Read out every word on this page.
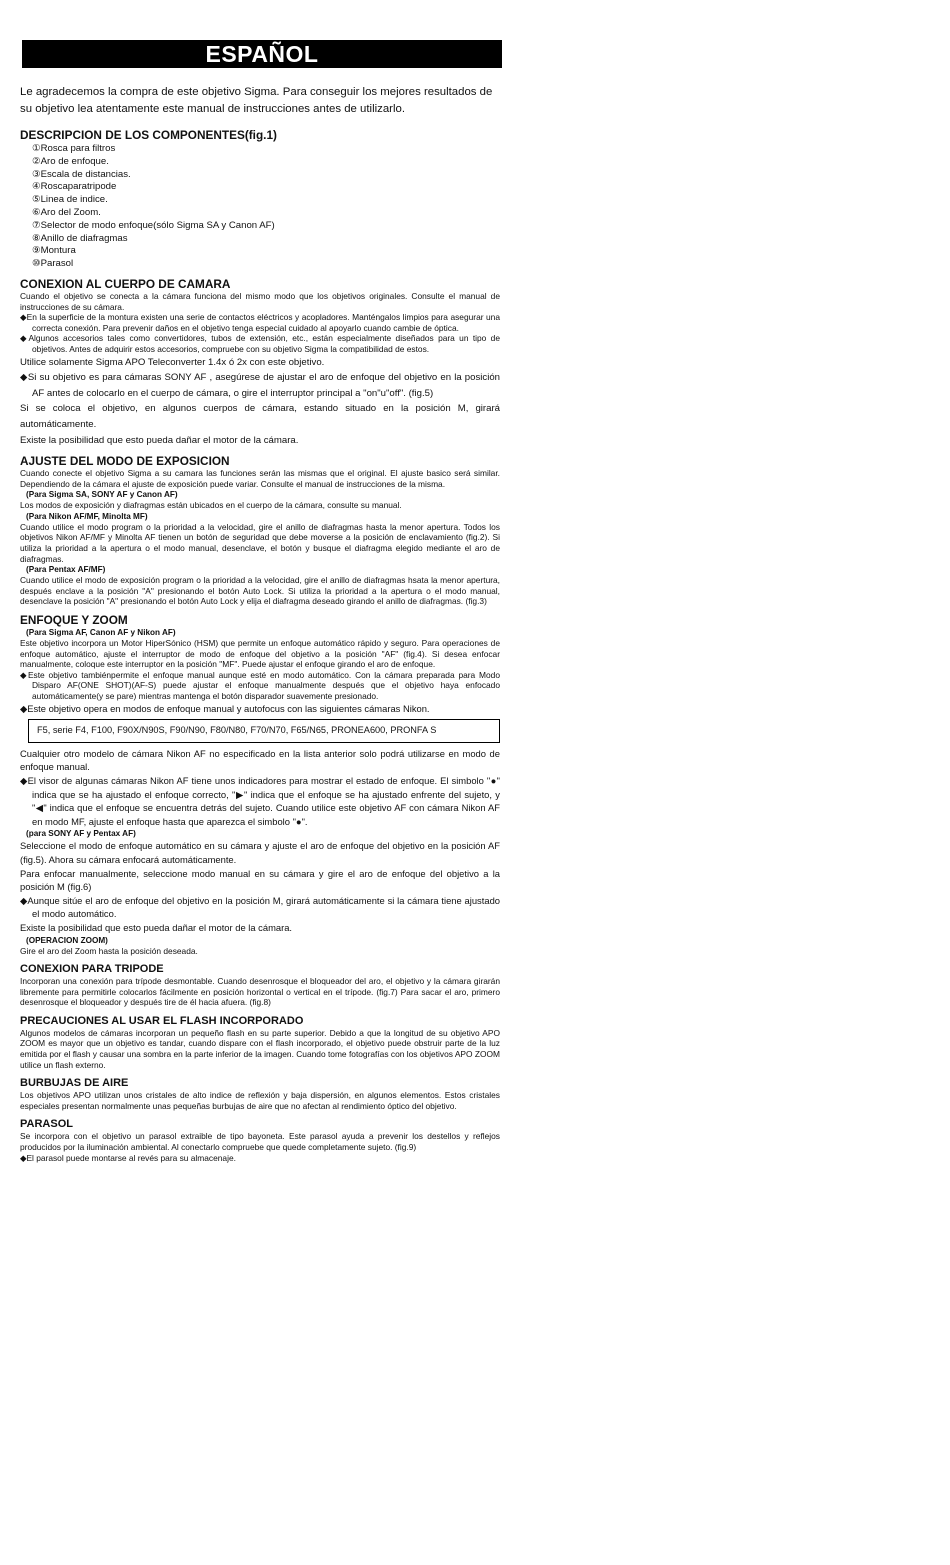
ESPAÑOL

Le agradecemos la compra de este objetivo Sigma. Para conseguir los mejores resultados de su objetivo lea atentamente este manual de instrucciones antes de utilizarlo.

DESCRIPCION DE LOS COMPONENTES(fig.1)

①Rosca para filtros
②Aro de enfoque.
③Escala de distancias.
④Roscaparatripode
⑤Linea de indice.
⑥Aro del Zoom.
⑦Selector de modo enfoque(sólo Sigma SA y Canon AF)
⑧Anillo de diafragmas
⑨Montura
⑩Parasol

CONEXION AL CUERPO DE CAMARA

Cuando el objetivo se conecta a la cámara funciona del mismo modo que los objetivos originales. Consulte el manual de instrucciones de su cámara.

◆En la superficie de la montura existen una serie de contactos eléctricos y acopladores. Manténgalos limpios para asegurar una correcta conexión. Para prevenir daños en el objetivo tenga especial cuidado al apoyarlo cuando cambie de óptica.

◆Algunos accesorios tales como convertidores, tubos de extensión, etc., están especialmente diseñados para un tipo de objetivos. Antes de adquirir estos accesorios, compruebe con su objetivo Sigma la compatibilidad de estos.

Utilice solamente Sigma APO Teleconverter 1.4x ó 2x con este objetivo.

◆Si su objetivo es para cámaras SONY AF , asegúrese de ajustar el aro de enfoque del objetivo en la posición AF antes de colocarlo en el cuerpo de cámara, o gire el interruptor principal a "on"u"off". (fig.5)

Si se coloca el objetivo, en algunos cuerpos de cámara, estando situado en la posición M, girará automáticamente.

Existe la posibilidad que esto pueda dañar el motor de la cámara.

AJUSTE DEL MODO DE EXPOSICION

Cuando conecte el objetivo Sigma a su camara las funciones serán las mismas que el original. El ajuste basico será similar. Dependiendo de la cámara el ajuste de exposición puede variar. Consulte el manual de instrucciones de la misma.

(Para Sigma SA, SONY AF y Canon AF)

Los modos de exposición y diafragmas están ubicados en el cuerpo de la cámara, consulte su manual.

(Para Nikon AF/MF, Minolta MF)

Cuando utilice el modo program o la prioridad a la velocidad, gire el anillo de diafragmas hasta la menor apertura. Todos los objetivos Nikon AF/MF y Minolta AF tienen un botón de seguridad que debe moverse a la posición de enclavamiento (fig.2). Si utiliza la prioridad a la apertura o el modo manual, desenclave, el botón y busque el diafragma elegido mediante el aro de diafragmas.

(Para Pentax AF/MF)

Cuando utilice el modo de exposición program o la prioridad a la velocidad, gire el anillo de diafragmas hsata la menor apertura, después enclave a la posición "A" presionando el botón Auto Lock. Si utiliza la prioridad a la apertura o el modo manual, desenclave la posición "A" presionando el botón Auto Lock y elija el diafragma deseado girando el anillo de diafragmas. (fig.3)

ENFOQUE Y ZOOM

(Para Sigma AF, Canon AF y Nikon AF)

Este objetivo incorpora un Motor HiperSónico (HSM) que permite un enfoque automático rápido y seguro. Para operaciones de enfoque automático, ajuste el interruptor de modo de enfoque del objetivo a la posición "AF" (fig.4). Si desea enfocar manualmente, coloque este interruptor en la posición "MF". Puede ajustar el enfoque girando el aro de enfoque.

◆Este objetivo tambiénpermite el enfoque manual aunque esté en modo automático. Con la cámara preparada para Modo Disparo AF(ONE SHOT)(AF-S) puede ajustar el enfoque manualmente después que el objetivo haya enfocado automáticamente(y se pare) mientras mantenga el botón disparador suavemente presionado.

◆Este objetivo opera en modos de enfoque manual y autofocus con las siguientes cámaras Nikon.

F5, serie F4, F100, F90X/N90S, F90/N90, F80/N80, F70/N70, F65/N65, PRONEA600, PRONFA S

Cualquier otro modelo de cámara Nikon AF no especificado en la lista anterior solo podrá utilizarse en modo de enfoque manual.

◆El visor de algunas cámaras Nikon AF tiene unos indicadores para mostrar el estado de enfoque. El simbolo "●" indica que se ha ajustado el enfoque correcto, "▶" indica que el enfoque se ha ajustado enfrente del sujeto, y "◀" indica que el enfoque se encuentra detrás del sujeto. Cuando utilice este objetivo AF con cámara Nikon AF en modo MF, ajuste el enfoque hasta que aparezca el simbolo "●".

(para SONY AF y Pentax AF)

Seleccione el modo de enfoque automático en su cámara y ajuste el aro de enfoque del objetivo en la posición AF (fig.5). Ahora su cámara enfocará automáticamente.

Para enfocar manualmente, seleccione modo manual en su cámara y gire el aro de enfoque del objetivo a la posición M (fig.6)

◆Aunque sitúe el aro de enfoque del objetivo en la posición M, girará automáticamente si la cámara tiene ajustado el modo automático.

Existe la posibilidad que esto pueda dañar el motor de la cámara.

(OPERACION ZOOM)

Gire el aro del Zoom hasta la posición deseada.

CONEXION PARA TRIPODE

Incorporan una conexión para trípode desmontable. Cuando desenrosque el bloqueador del aro, el objetivo y la cámara girarán libremente para permitirle colocarlos fácilmente en posición horizontal o vertical en el trípode. (fig.7) Para sacar el aro, primero desenrosque el bloqueador y después tire de él hacia afuera. (fig.8)

PRECAUCIONES AL USAR EL FLASH INCORPORADO

Algunos modelos de cámaras incorporan un pequeño flash en su parte superior. Debido a que la longitud de su objetivo APO ZOOM es mayor que un objetivo es tandar, cuando dispare con el flash incorporado, el objetivo puede obstruir parte de la luz emitida por el flash y causar una sombra en la parte inferior de la imagen. Cuando tome fotografías con los objetivos APO ZOOM utilice un flash externo.

BURBUJAS DE AIRE

Los objetivos APO utilizan unos cristales de alto indice de reflexión y baja dispersión, en algunos elementos. Estos cristales especiales presentan normalmente unas pequeñas burbujas de aire que no afectan al rendimiento óptico del objetivo.

PARASOL

Se incorpora con el objetivo un parasol extraible de tipo bayoneta. Este parasol ayuda a prevenir los destellos y reflejos producidos por la iluminación ambiental. Al conectarlo compruebe que quede completamente sujeto. (fig.9)

◆El parasol puede montarse al revés para su almacenaje.
